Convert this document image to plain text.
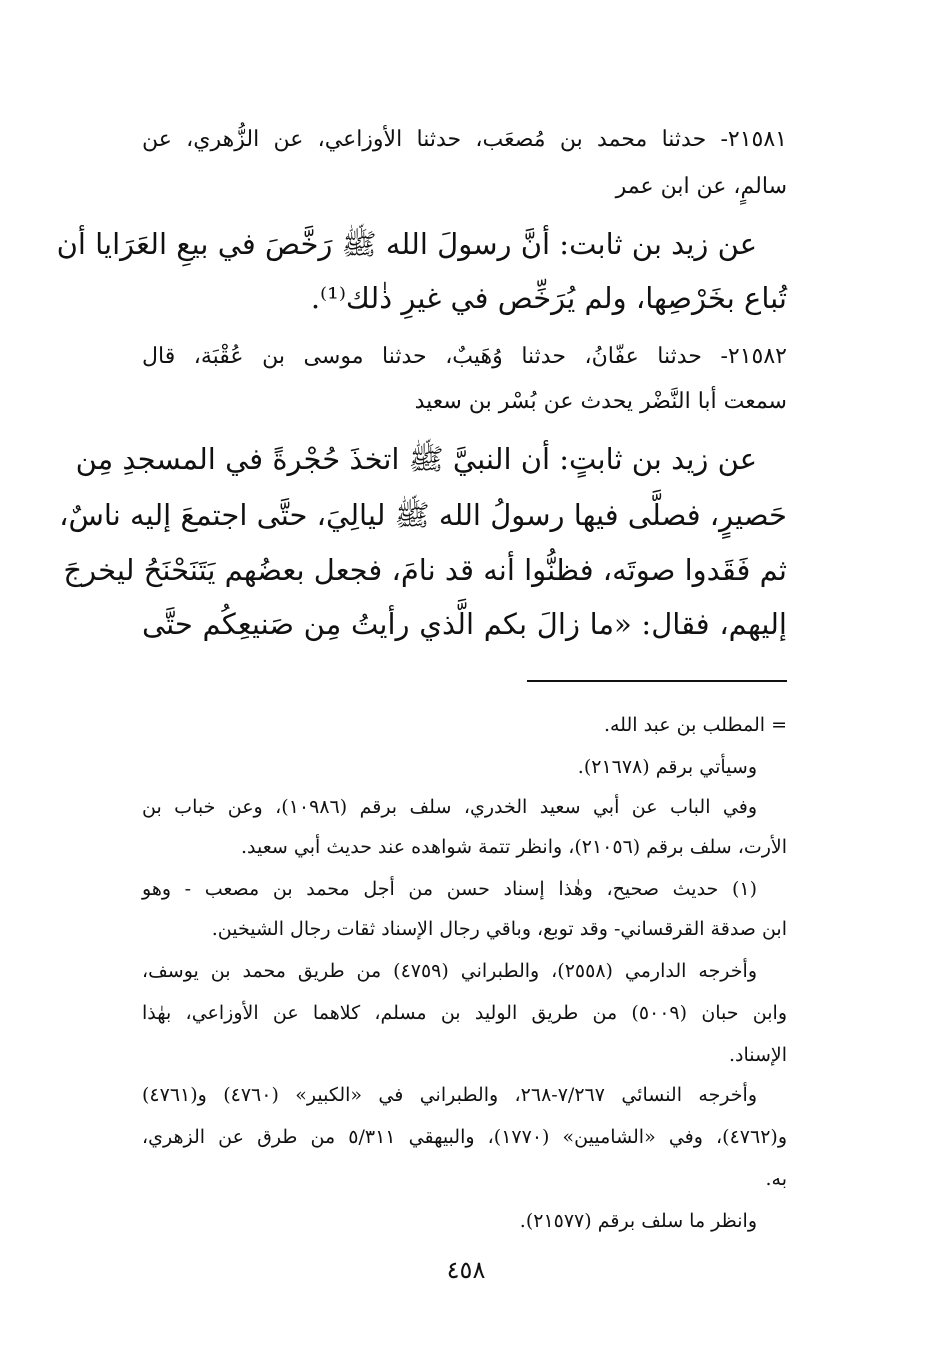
٢١٥٨١- حدثنا محمد بن مُصعَب، حدثنا الأوزاعي، عن الزُّهري، عن
سالمٍ، عن ابن عمر
عن زيد بن ثابت: أنَّ رسولَ الله ﷺ رَخَّصَ في بيعِ العَرَايا أن
تُباع بخَرْصِها، ولم يُرَخِّص في غيرِ ذٰلك⁽¹⁾.
٢١٥٨٢- حدثنا عفّانُ، حدثنا وُهَيبٌ، حدثنا موسى بن عُقْبَة، قال
سمعت أبا النَّضْر يحدث عن بُسْر بن سعيد
عن زيد بن ثابتٍ: أن النبيَّ ﷺ اتخذَ حُجْرةً في المسجدِ مِن
حَصيرٍ، فصلَّى فيها رسولُ الله ﷺ ليالِيَ، حتَّى اجتمعَ إليه ناسٌ،
ثم فَقَدوا صوتَه، فظنُّوا أنه قد نامَ، فجعل بعضُهم يَتَنَحْنَحُ ليخرجَ
إليهم، فقال: «ما زالَ بكم الَّذي رأيتُ مِن صَنيعِكُم حتَّى
= المطلب بن عبد الله.
وسيأتي برقم (٢١٦٧٨).
وفي الباب عن أبي سعيد الخدري، سلف برقم (١٠٩٨٦)، وعن خباب بن
الأرت، سلف برقم (٢١٠٥٦)، وانظر تتمة شواهده عند حديث أبي سعيد.
(١) حديث صحيح، وهٰذا إسناد حسن من أجل محمد بن مصعب - وهو
ابن صدقة القرقساني- وقد توبع، وباقي رجال الإسناد ثقات رجال الشيخين.
وأخرجه الدارمي (٢٥٥٨)، والطبراني (٤٧٥٩) من طريق محمد بن يوسف،
وابن حبان (٥٠٠٩) من طريق الوليد بن مسلم، كلاهما عن الأوزاعي، بهٰذا
الإسناد.
وأخرجه النسائي ٧/٢٦٧-٢٦٨، والطبراني في «الكبير» (٤٧٦٠) و(٤٧٦١)
و(٤٧٦٢)، وفي «الشاميين» (١٧٧٠)، والبيهقي ٥/٣١١ من طرق عن الزهري،
به.
وانظر ما سلف برقم (٢١٥٧٧).
٤٥٨
